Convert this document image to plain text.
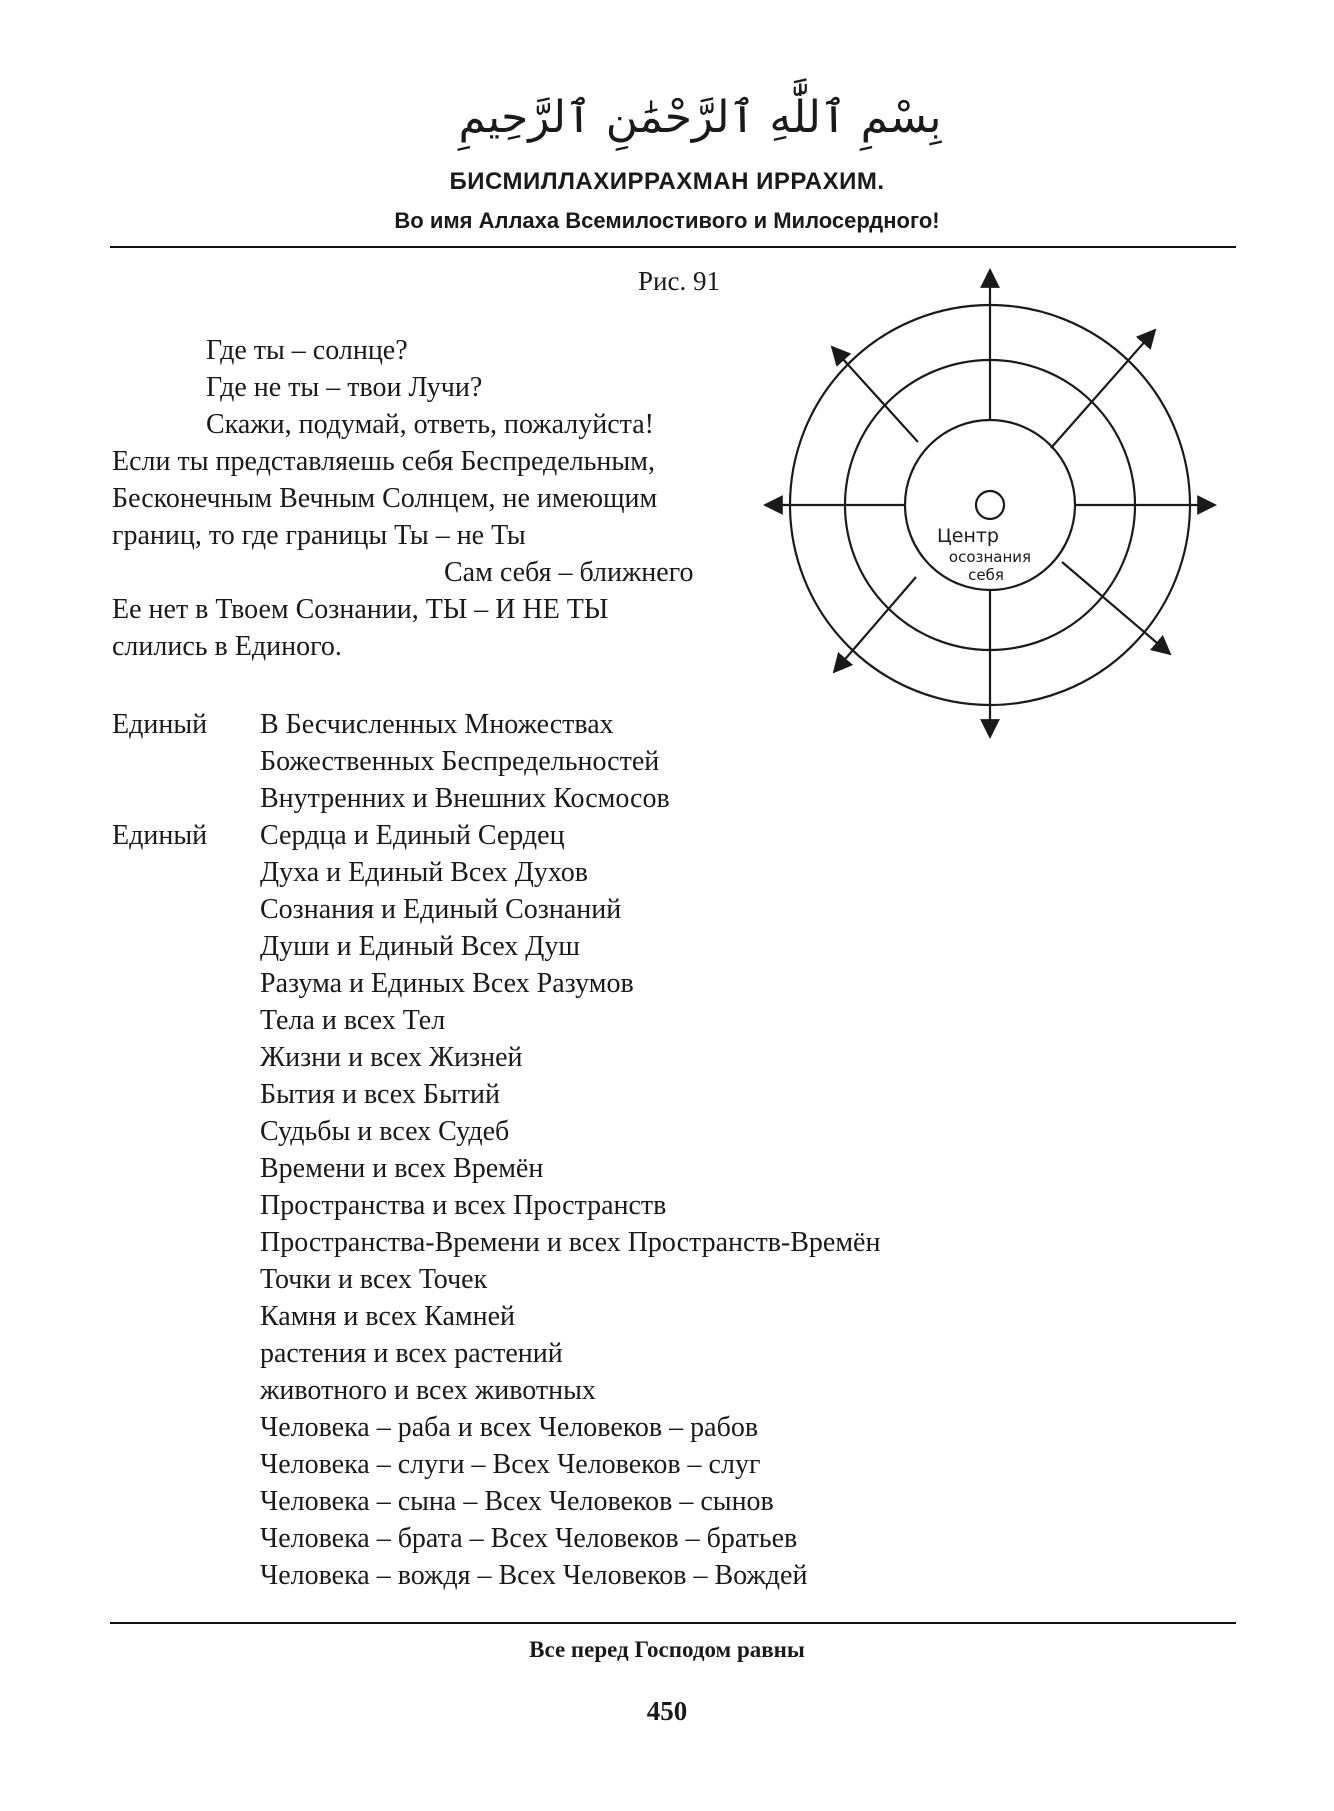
بِسْمِ ٱللَّٰهِ ٱلرَّحْمَٰنِ ٱلرَّحِيمِ
БИСМИЛЛАХИРРАХМАН ИРРАХИМ.
Во имя Аллаха Всемилостивого и Милосердного!
Рис. 91
Центр
осознания
себя
Где ты – солнце?
Где не ты – твои Лучи?
Скажи, подумай, ответь, пожалуйста!
Если ты представляешь себя Беспредельным,
Бесконечным Вечным Солнцем, не имеющим
границ, то где границы Ты – не Ты
Сам себя – ближнего
Ее нет в Твоем Сознании, ТЫ – И НЕ ТЫ
слились в Единого.
Единый В Бесчисленных Множествах
Божественных Беспредельностей
Внутренних и Внешних Космосов
Единый Сердца и Единый Сердец
Духа и Единый Всех Духов
Сознания и Единый Сознаний
Души и Единый Всех Душ
Разума и Единых Всех Разумов
Тела и всех Тел
Жизни и всех Жизней
Бытия и всех Бытий
Судьбы и всех Судеб
Времени и всех Времён
Пространства и всех Пространств
Пространства-Времени и всех Пространств-Времён
Точки и всех Точек
Камня и всех Камней
растения и всех растений
животного и всех животных
Человека – раба и всех Человеков – рабов
Человека – слуги – Всех Человеков – слуг
Человека – сына – Всех Человеков – сынов
Человека – брата – Всех Человеков – братьев
Человека – вождя – Всех Человеков – Вождей
Все перед Господом равны
450
